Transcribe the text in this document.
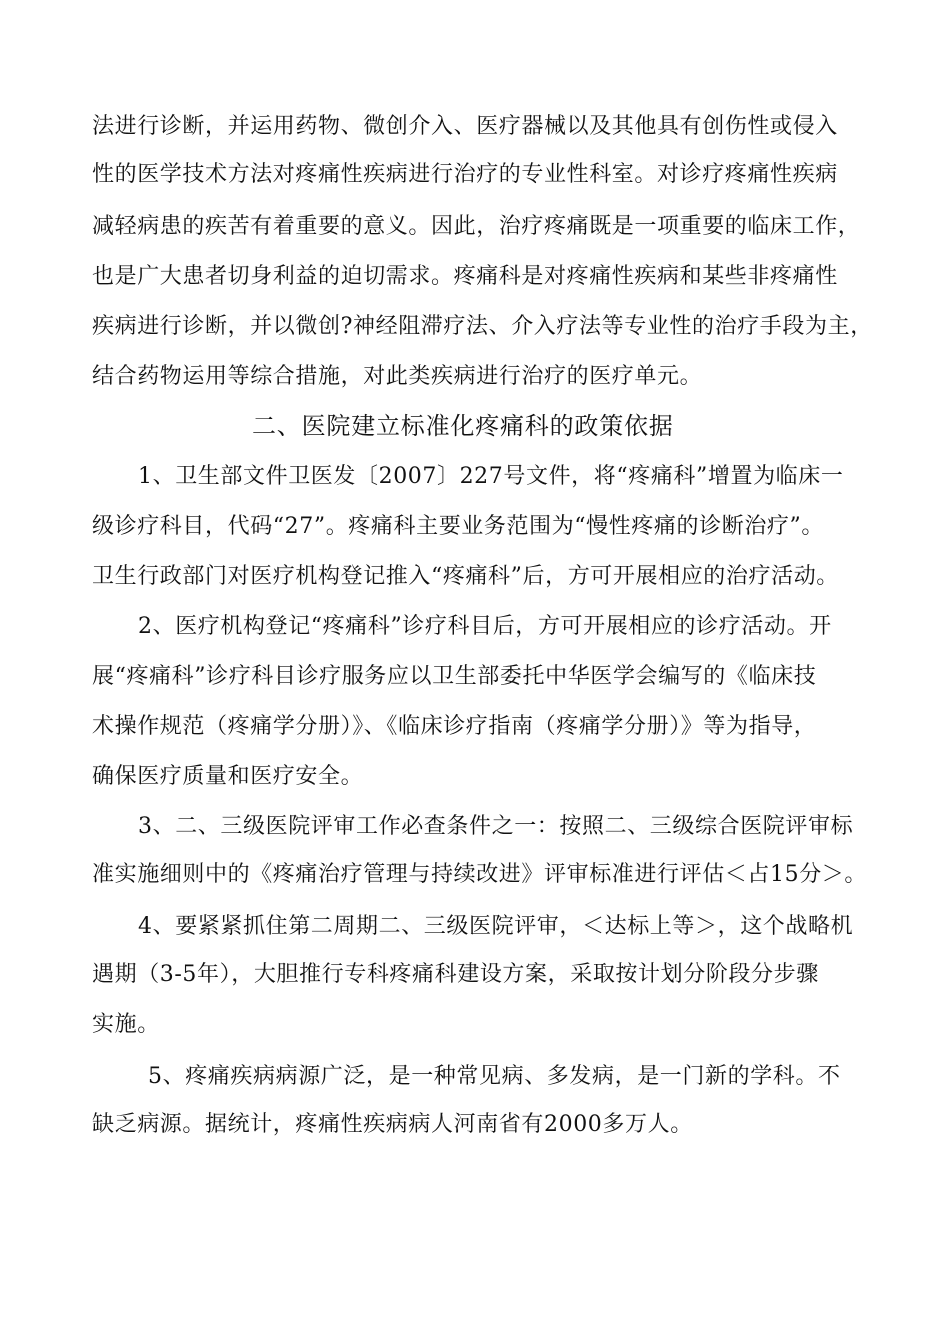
法进行诊断，并运用药物、微创介入、医疗器械以及其他具有创伤性或侵入
性的医学技术方法对疼痛性疾病进行治疗的专业性科室。对诊疗疼痛性疾病
减轻病患的疾苦有着重要的意义。因此，治疗疼痛既是一项重要的临床工作，
也是广大患者切身利益的迫切需求。疼痛科是对疼痛性疾病和某些非疼痛性
疾病进行诊断，并以微创?神经阻滞疗法、介入疗法等专业性的治疗手段为主，
结合药物运用等综合措施，对此类疾病进行治疗的医疗单元。
二、医院建立标准化疼痛科的政策依据
1、卫生部文件卫医发〔2007〕227号文件，将“疼痛科”增置为临床一
级诊疗科目，代码“27”。疼痛科主要业务范围为“慢性疼痛的诊断治疗”。
卫生行政部门对医疗机构登记推入“疼痛科”后，方可开展相应的治疗活动。
2、医疗机构登记“疼痛科”诊疗科目后，方可开展相应的诊疗活动。开
展“疼痛科”诊疗科目诊疗服务应以卫生部委托中华医学会编写的《临床技
术操作规范（疼痛学分册）》、《临床诊疗指南（疼痛学分册）》等为指导，
确保医疗质量和医疗安全。
3、二、三级医院评审工作必查条件之一：按照二、三级综合医院评审标
准实施细则中的《疼痛治疗管理与持续改进》评审标准进行评估＜占15分＞。
4、要紧紧抓住第二周期二、三级医院评审，＜达标上等＞，这个战略机
遇期（3-5年），大胆推行专科疼痛科建设方案，采取按计划分阶段分步骤
实施。
5、疼痛疾病病源广泛，是一种常见病、多发病，是一门新的学科。不
缺乏病源。据统计，疼痛性疾病病人河南省有2000多万人。
